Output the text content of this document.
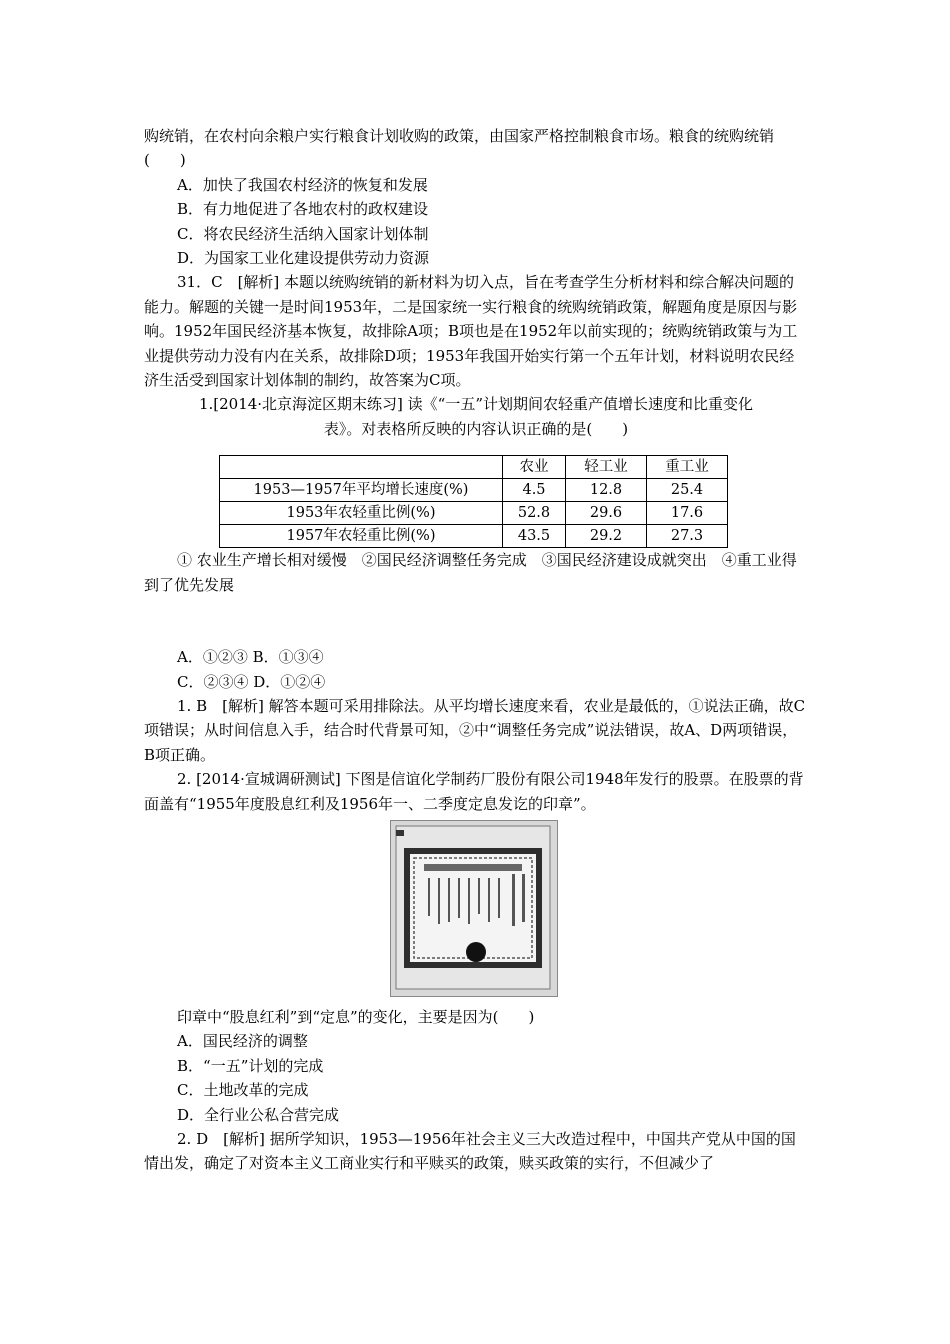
购统销，在农村向余粮户实行粮食计划收购的政策，由国家严格控制粮食市场。粮食的统购统销(　　)

A．加快了我国农村经济的恢复和发展

B．有力地促进了各地农村的政权建设

C．将农民经济生活纳入国家计划体制

D．为国家工业化建设提供劳动力资源

31．C　[解析] 本题以统购统销的新材料为切入点，旨在考查学生分析材料和综合解决问题的能力。解题的关键一是时间1953年，二是国家统一实行粮食的统购统销政策，解题角度是原因与影响。1952年国民经济基本恢复，故排除A项；B项也是在1952年以前实现的；统购统销政策与为工业提供劳动力没有内在关系，故排除D项；1953年我国开始实行第一个五年计划，材料说明农民经济生活受到国家计划体制的制约，故答案为C项。

1.[2014·北京海淀区期末练习] 读《“一五”计划期间农轻重产值增长速度和比重变化

表》。对表格所反映的内容认识正确的是(　　)

	农业	轻工业	重工业
1953—1957年平均增长速度(%)	4.5	12.8	25.4
1953年农轻重比例(%)	52.8	29.6	17.6
1957年农轻重比例(%)	43.5	29.2	27.3

① 农业生产增长相对缓慢　②国民经济调整任务完成　③国民经济建设成就突出　④重工业得到了优先发展

A．①②③ B．①③④

C．②③④ D．①②④

1. B　[解析] 解答本题可采用排除法。从平均增长速度来看，农业是最低的，①说法正确，故C项错误；从时间信息入手，结合时代背景可知，②中“调整任务完成”说法错误，故A、D两项错误，B项正确。

2. [2014·宣城调研测试] 下图是信谊化学制药厂股份有限公司1948年发行的股票。在股票的背面盖有“1955年度股息红利及1956年一、二季度定息发讫的印章”。

印章中“股息红利”到“定息”的变化，主要是因为(　　)

A．国民经济的调整

B．“一五”计划的完成

C．土地改革的完成

D．全行业公私合营完成

2. D　[解析] 据所学知识，1953—1956年社会主义三大改造过程中，中国共产党从中国的国情出发，确定了对资本主义工商业实行和平赎买的政策，赎买政策的实行，不但减少了
